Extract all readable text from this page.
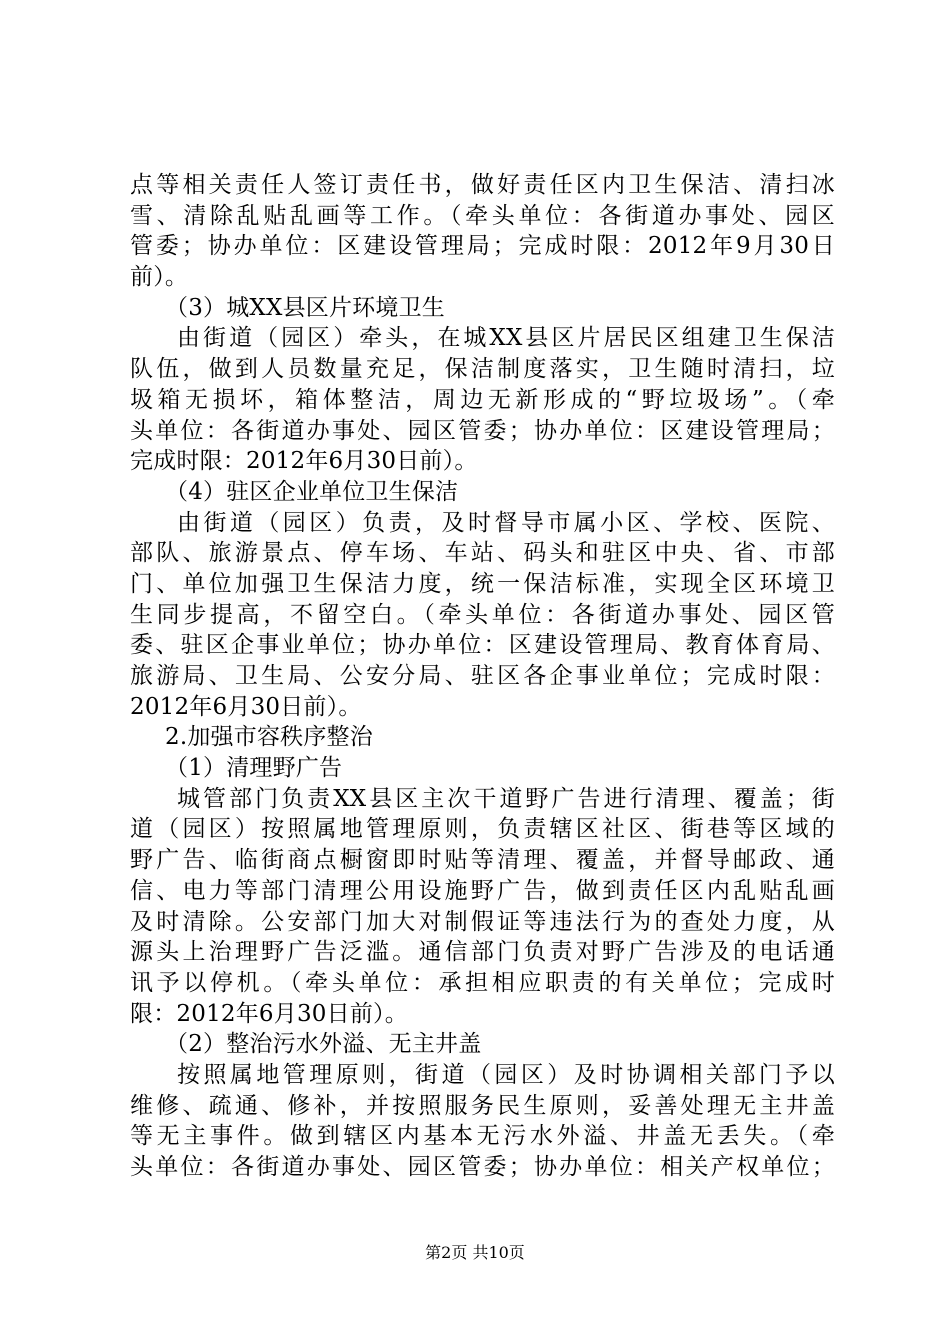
点等相关责任人签订责任书，做好责任区内卫生保洁、清扫冰
雪、清除乱贴乱画等工作。（牵头单位：各街道办事处、园区
管委；协办单位：区建设管理局；完成时限：2012年9月30日
前）。
（3）城XX县区片环境卫生
由街道（园区）牵头，在城XX县区片居民区组建卫生保洁
队伍，做到人员数量充足，保洁制度落实，卫生随时清扫，垃
圾箱无损坏，箱体整洁，周边无新形成的“野垃圾场”。（牵
头单位：各街道办事处、园区管委；协办单位：区建设管理局；
完成时限：2012年6月30日前）。
（4）驻区企业单位卫生保洁
由街道（园区）负责，及时督导市属小区、学校、医院、
部队、旅游景点、停车场、车站、码头和驻区中央、省、市部
门、单位加强卫生保洁力度，统一保洁标准，实现全区环境卫
生同步提高，不留空白。（牵头单位：各街道办事处、园区管
委、驻区企事业单位；协办单位：区建设管理局、教育体育局、
旅游局、卫生局、公安分局、驻区各企事业单位；完成时限：
2012年6月30日前）。
2.加强市容秩序整治
（1）清理野广告
城管部门负责XX县区主次干道野广告进行清理、覆盖；街
道（园区）按照属地管理原则，负责辖区社区、街巷等区域的
野广告、临街商点橱窗即时贴等清理、覆盖，并督导邮政、通
信、电力等部门清理公用设施野广告，做到责任区内乱贴乱画
及时清除。公安部门加大对制假证等违法行为的查处力度，从
源头上治理野广告泛滥。通信部门负责对野广告涉及的电话通
讯予以停机。（牵头单位：承担相应职责的有关单位；完成时
限：2012年6月30日前）。
（2）整治污水外溢、无主井盖
按照属地管理原则，街道（园区）及时协调相关部门予以
维修、疏通、修补，并按照服务民生原则，妥善处理无主井盖
等无主事件。做到辖区内基本无污水外溢、井盖无丢失。（牵
头单位：各街道办事处、园区管委；协办单位：相关产权单位；
第2页 共10页
